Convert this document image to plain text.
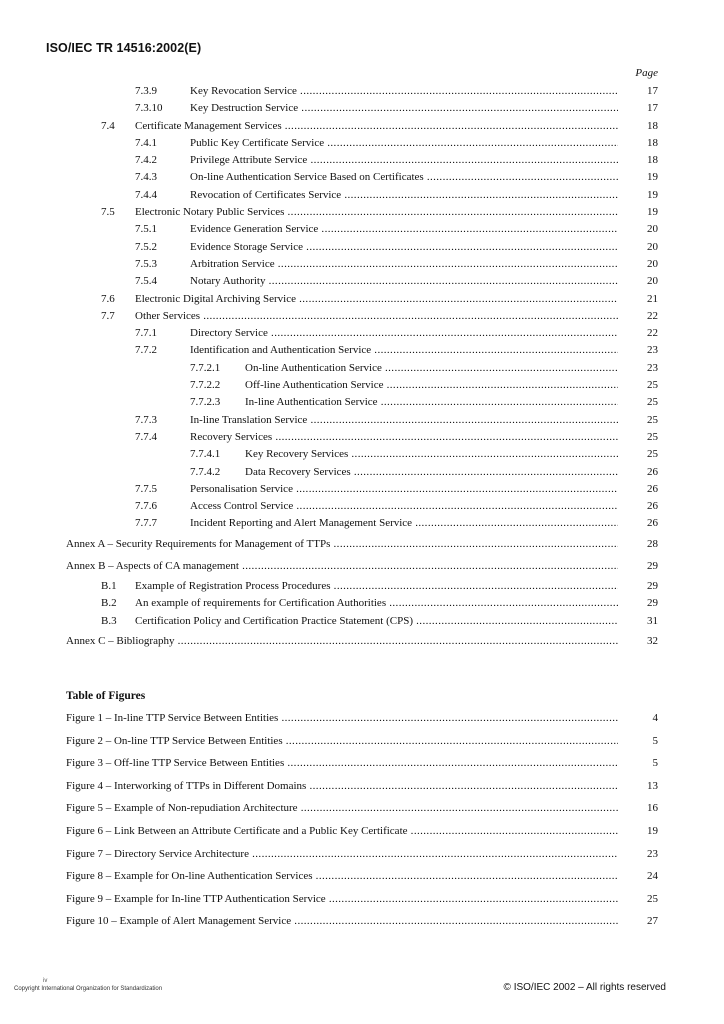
ISO/IEC TR 14516:2002(E)
Page
7.3.9	Key Revocation Service .....	17
7.3.10	Key Destruction Service .....	17
7.4 Certificate Management Services .....	18
7.4.1	Public Key Certificate Service .....	18
7.4.2	Privilege Attribute Service .....	18
7.4.3	On-line Authentication Service Based on Certificates .....	19
7.4.4	Revocation of Certificates Service .....	19
7.5 Electronic Notary Public Services .....	19
7.5.1	Evidence Generation Service .....	20
7.5.2	Evidence Storage Service .....	20
7.5.3	Arbitration Service .....	20
7.5.4	Notary Authority .....	20
7.6 Electronic Digital Archiving Service .....	21
7.7 Other Services .....	22
7.7.1	Directory Service .....	22
7.7.2	Identification and Authentication Service .....	23
7.7.2.1 On-line Authentication Service .....	23
7.7.2.2 Off-line Authentication Service .....	25
7.7.2.3 In-line Authentication Service .....	25
7.7.3	In-line Translation Service .....	25
7.7.4	Recovery Services .....	25
7.7.4.1 Key Recovery Services .....	25
7.7.4.2 Data Recovery Services .....	26
7.7.5	Personalisation Service .....	26
7.7.6	Access Control Service .....	26
7.7.7	Incident Reporting and Alert Management Service .....	26
Annex A – Security Requirements for Management of TTPs .....	28
Annex B – Aspects of CA management .....	29
B.1 Example of Registration Process Procedures .....	29
B.2 An example of requirements for Certification Authorities .....	29
B.3 Certification Policy and Certification Practice Statement (CPS) .....	31
Annex C – Bibliography .....	32
Table of Figures
Figure 1 – In-line TTP Service Between Entities .....	4
Figure 2 – On-line TTP Service Between Entities .....	5
Figure 3 – Off-line TTP Service Between Entities .....	5
Figure 4 – Interworking of TTPs in Different Domains .....	13
Figure 5 – Example of Non-repudiation Architecture .....	16
Figure 6 – Link Between an Attribute Certificate and a Public Key Certificate .....	19
Figure 7 – Directory Service Architecture .....	23
Figure 8 – Example for On-line Authentication Services .....	24
Figure 9 – Example for In-line TTP Authentication Service .....	25
Figure 10 – Example of Alert Management Service .....	27
iv
Copyright International Organization for Standardization	© ISO/IEC 2002 – All rights reserved
